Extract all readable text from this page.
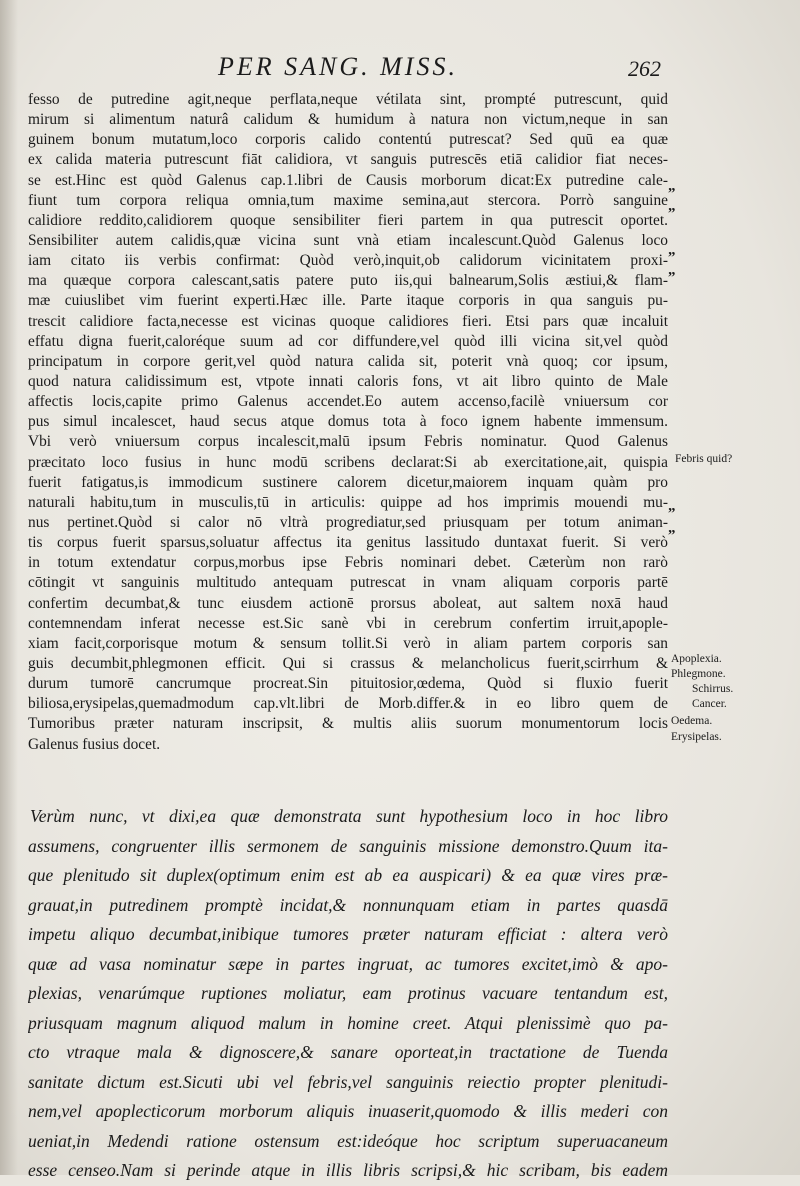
PER SANG. MISS.	262
fesso de putredine agit,neque perflata,neque vétilata sint, prompté putrescunt, quid
mirum si alimentum naturâ calidum & humidum à natura non victum,neque in san
guinem bonum mutatum,loco corporis calido contentú putrescat? Sed quū ea quæ
ex calida materia putrescunt fiāt calidiora, vt sanguis putrescēs etiā calidior fiat neces-
se est.Hinc est quòd Galenus cap.1.libri de Causis morborum dicat:Ex putredine cale-
fiunt tum corpora reliqua omnia,tum maxime semina,aut stercora. Porrò sanguine
calidiore reddito,calidiorem quoque sensibiliter fieri partem in qua putrescit oportet.
Sensibiliter autem calidis,quæ vicina sunt vnà etiam incalescunt.Quòd Galenus loco
iam citato iis verbis confirmat: Quòd verò,inquit,ob calidorum vicinitatem proxi-
ma quæque corpora calescant,satis patere puto iis,qui balnearum,Solis æstiui,& flam-
mæ cuiuslibet vim fuerint experti.Hæc ille. Parte itaque corporis in qua sanguis pu-
trescit calidiore facta,necesse est vicinas quoque calidiores fieri. Etsi pars quæ incaluit
effatu digna fuerit,caloréque suum ad cor diffundere,vel quòd illi vicina sit,vel quòd
principatum in corpore gerit,vel quòd natura calida sit, poterit vnà quoq; cor ipsum,
quod natura calidissimum est, vtpote innati caloris fons, vt ait libro quinto de Male
affectis locis,capite primo Galenus accendet.Eo autem accenso,facilè vniuersum cor
pus simul incalescet, haud secus atque domus tota à foco ignem habente immensum.
Vbi verò vniuersum corpus incalescit,malū ipsum Febris nominatur. Quod Galenus
præcitato loco fusius in hunc modū scribens declarat:Si ab exercitatione,ait, quispia
fuerit fatigatus,is immodicum sustinere calorem dicetur,maiorem inquam quàm pro
naturali habitu,tum in musculis,tū in articulis: quippe ad hos imprimis mouendi mu-
nus pertinet.Quòd si calor nō vltrà progrediatur,sed priusquam per totum animan-
tis corpus fuerit sparsus,soluatur affectus ita genitus lassitudo duntaxat fuerit. Si verò
in totum extendatur corpus,morbus ipse Febris nominari debet. Cæterùm non rarò
cōtingit vt sanguinis multitudo antequam putrescat in vnam aliquam corporis partē
confertim decumbat,& tunc eiusdem actionē prorsus aboleat, aut saltem noxā haud
contemnendam inferat necesse est.Sic sanè vbi in cerebrum confertim irruit,apople-
xiam facit,corporisque motum & sensum tollit.Si verò in aliam partem corporis san
guis decumbit,phlegmonen efficit. Qui si crassus & melancholicus fuerit,scirrhum &
durum tumorē cancrumque procreat.Sin pituitosior,œdema, Quòd si fluxio fuerit
biliosa,erysipelas,quemadmodum cap.vlt.libri de Morb.differ.& in eo libro quem de
Tumoribus præter naturam inscripsit, & multis aliis suorum monumentorum locis
Galenus fusius docet.
„
„
„
„
„
„
Febris quid?
Apoplexia.
Phlegmone.
Schirrus.
Cancer.
Oedema.
Erysipelas.
Verùm nunc, vt dixi,ea quæ demonstrata sunt hypothesium loco in hoc libro
assumens, congruenter illis sermonem de sanguinis missione demonstro.Quum ita-
que plenitudo sit duplex(optimum enim est ab ea auspicari) & ea quæ vires præ-
grauat,in putredinem promptè incidat,& nonnunquam etiam in partes quasdā
impetu aliquo decumbat,inibique tumores præter naturam efficiat : altera verò
quæ ad vasa nominatur sæpe in partes ingruat, ac tumores excitet,imò & apo-
plexias, venarúmque ruptiones moliatur, eam protinus vacuare tentandum est,
priusquam magnum aliquod malum in homine creet. Atqui plenissimè quo pa-
cto vtraque mala & dignoscere,& sanare oporteat,in tractatione de Tuenda
sanitate dictum est.Sicuti ubi vel febris,vel sanguinis reiectio propter plenitudi-
nem,vel apoplecticorum morborum aliquis inuaserit,quomodo & illis mederi con
ueniat,in Medendi ratione ostensum est:ideóque hoc scriptum superuacaneum
esse censeo.Nam si perinde atque in illis libris scripsi,& hic scribam, bis eadem
